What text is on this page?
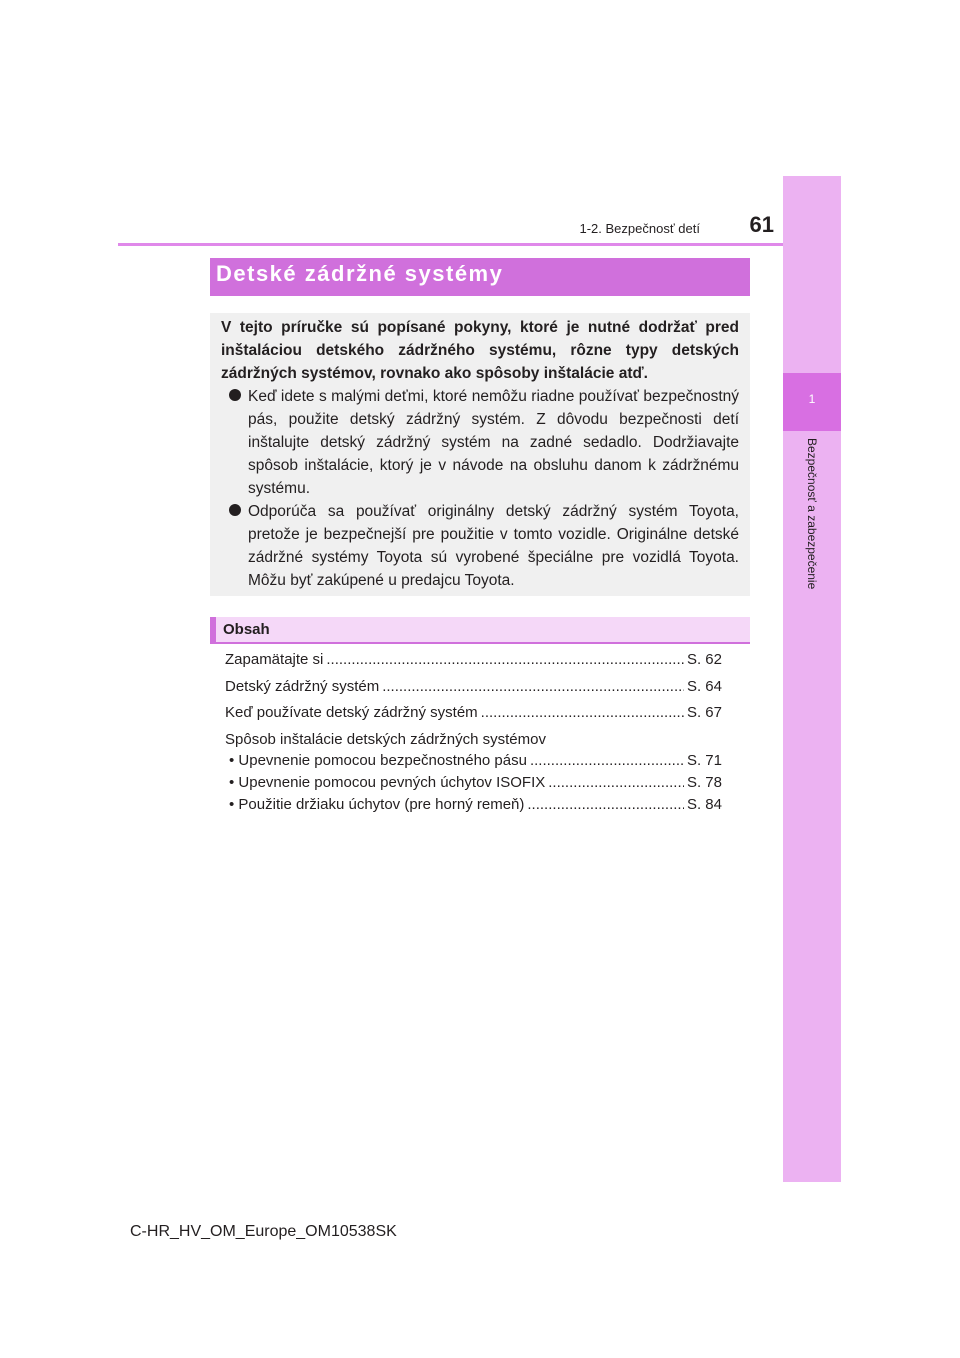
1
Bezpečnosť a zabezpečenie
1-2. Bezpečnosť detí	61
Detské zádržné systémy
V tejto príručke sú popísané pokyny, ktoré je nutné dodržať pred inštaláciou detského zádržného systému, rôzne typy detských zádržných systémov, rovnako ako spôsoby inštalácie atď.
Keď idete s malými deťmi, ktoré nemôžu riadne používať bezpečnostný pás, použite detský zádržný systém. Z dôvodu bezpečnosti detí inštalujte detský zádržný systém na zadné sedadlo. Dodržiavajte spôsob inštalácie, ktorý je v návode na obsluhu danom k zádržnému systému.
Odporúča sa používať originálny detský zádržný systém Toyota, pretože je bezpečnejší pre použitie v tomto vozidle. Originálne detské zádržné systémy Toyota sú vyrobené špeciálne pre vozidlá Toyota. Môžu byť zakúpené u predajcu Toyota.
Obsah
Zapamätajte si .....	S. 62
Detský zádržný systém .....	S. 64
Keď používate detský zádržný systém .....	S. 67
Spôsob inštalácie detských zádržných systémov
• Upevnenie pomocou bezpečnostného pásu .....	S. 71
• Upevnenie pomocou pevných úchytov ISOFIX .....	S. 78
• Použitie držiaku úchytov (pre horný remeň) .....	S. 84
C-HR_HV_OM_Europe_OM10538SK
